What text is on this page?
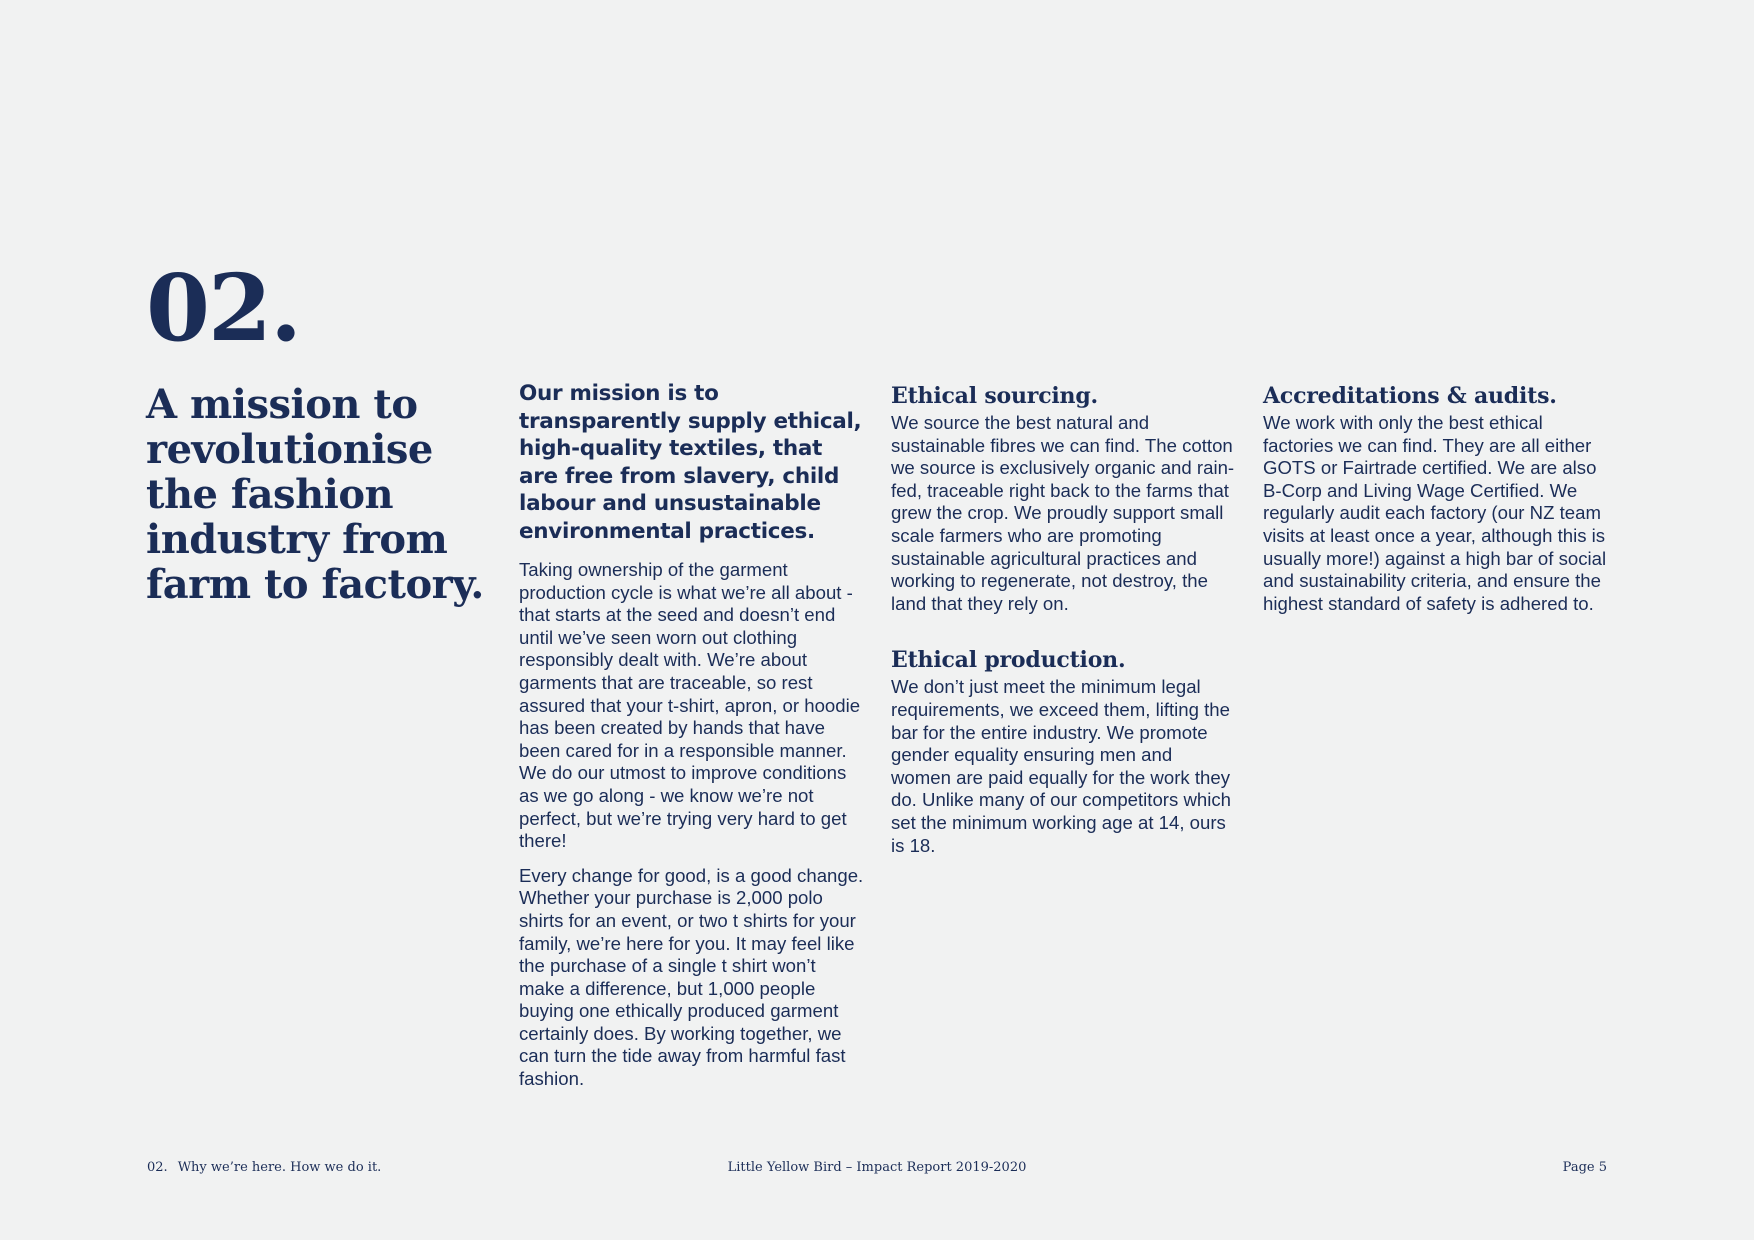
02.
A mission to revolutionise the fashion industry from farm to factory.

Our mission is to transparently supply ethical, high-quality textiles, that are free from slavery, child labour and unsustainable environmental practices.

Taking ownership of the garment production cycle is what we’re all about - that starts at the seed and doesn’t end until we’ve seen worn out clothing responsibly dealt with. We’re about garments that are traceable, so rest assured that your t-shirt, apron, or hoodie has been created by hands that have been cared for in a responsible manner. We do our utmost to improve conditions as we go along - we know we’re not perfect, but we’re trying very hard to get there!

Every change for good, is a good change. Whether your purchase is 2,000 polo shirts for an event, or two t shirts for your family, we’re here for you. It may feel like the purchase of a single t shirt won’t make a difference, but 1,000 people buying one ethically produced garment certainly does. By working together, we can turn the tide away from harmful fast fashion.

Ethical sourcing.

We source the best natural and sustainable fibres we can find. The cotton we source is exclusively organic and rain-fed, traceable right back to the farms that grew the crop. We proudly support small scale farmers who are promoting sustainable agricultural practices and working to regenerate, not destroy, the land that they rely on.

Ethical production.

We don’t just meet the minimum legal requirements, we exceed them, lifting the bar for the entire industry. We promote gender equality ensuring men and women are paid equally for the work they do. Unlike many of our competitors which set the minimum working age at 14, ours is 18.

Accreditations & audits.

We work with only the best ethical factories we can find. They are all either GOTS or Fairtrade certified. We are also B-Corp and Living Wage Certified. We regularly audit each factory (our NZ team visits at least once a year, although this is usually more!) against a high bar of social and sustainability criteria, and ensure the highest standard of safety is adhered to.

02. Why we’re here. How we do it.	Little Yellow Bird – Impact Report 2019-2020	Page 5
